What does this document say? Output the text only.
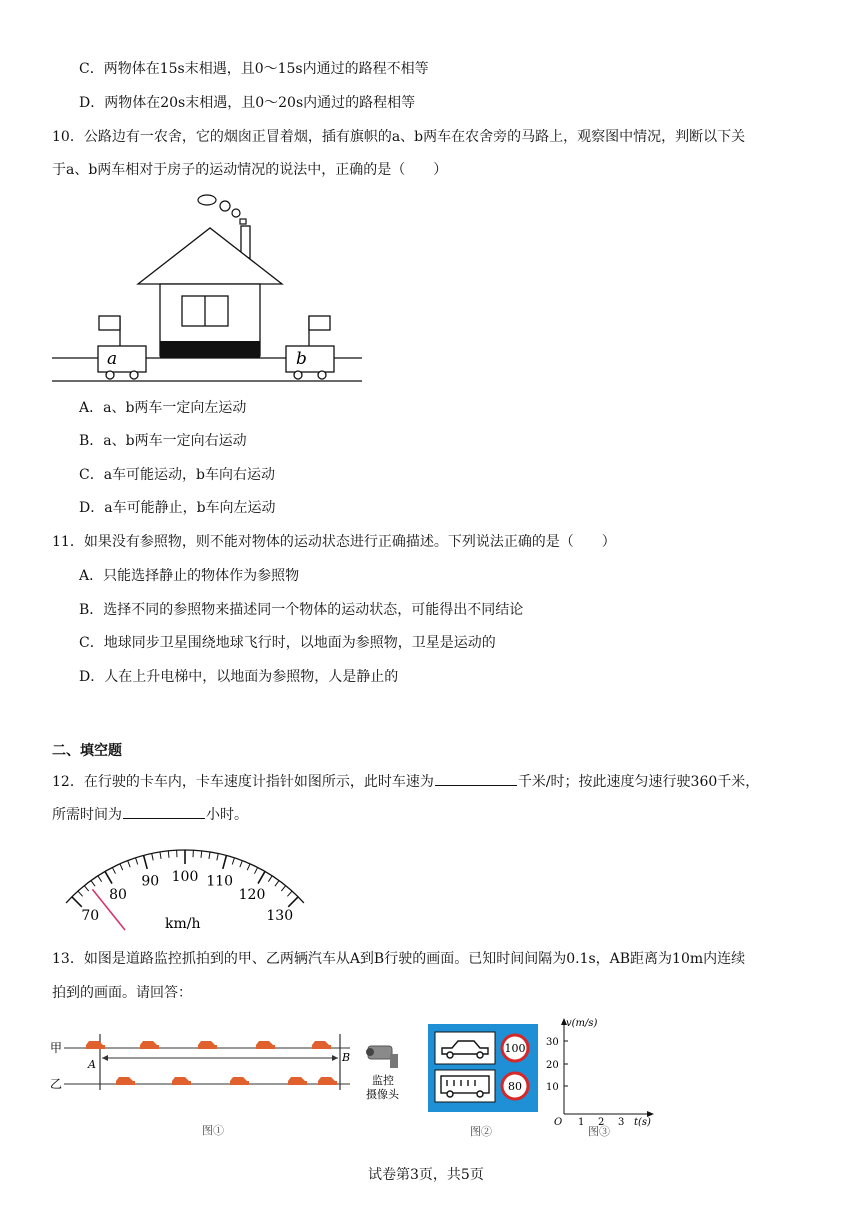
C．两物体在15s末相遇，且0～15s内通过的路程不相等
D．两物体在20s末相遇，且0～20s内通过的路程相等
10．公路边有一农舍，它的烟囱正冒着烟，插有旗帜的a、b两车在农舍旁的马路上，观察图中情况，判断以下关
于a、b两车相对于房子的运动情况的说法中，正确的是（　　）
a	b
A．a、b两车一定向左运动
B．a、b两车一定向右运动
C．a车可能运动，b车向右运动
D．a车可能静止，b车向左运动
11．如果没有参照物，则不能对物体的运动状态进行正确描述。下列说法正确的是（　　）
A．只能选择静止的物体作为参照物
B．选择不同的参照物来描述同一个物体的运动状态，可能得出不同结论
C．地球同步卫星围绕地球飞行时，以地面为参照物，卫星是运动的
D．人在上升电梯中，以地面为参照物，人是静止的
二、填空题
12．在行驶的卡车内，卡车速度计指针如图所示，此时车速为	千米/时；按此速度匀速行驶360千米，
所需时间为	小时。
70
80
90 100 110
120
130
km/h
13．如图是道路监控抓拍到的甲、乙两辆汽车从A到B行驶的画面。已知时间间隔为0.1s，AB距离为10m内连续
拍到的画面。请回答：
甲
乙
A
B
监控
摄像头
图①
100
80
图②
v(m/s)
30
20
10
O 1 2 3 t(s)
图③
试卷第3页，共5页
